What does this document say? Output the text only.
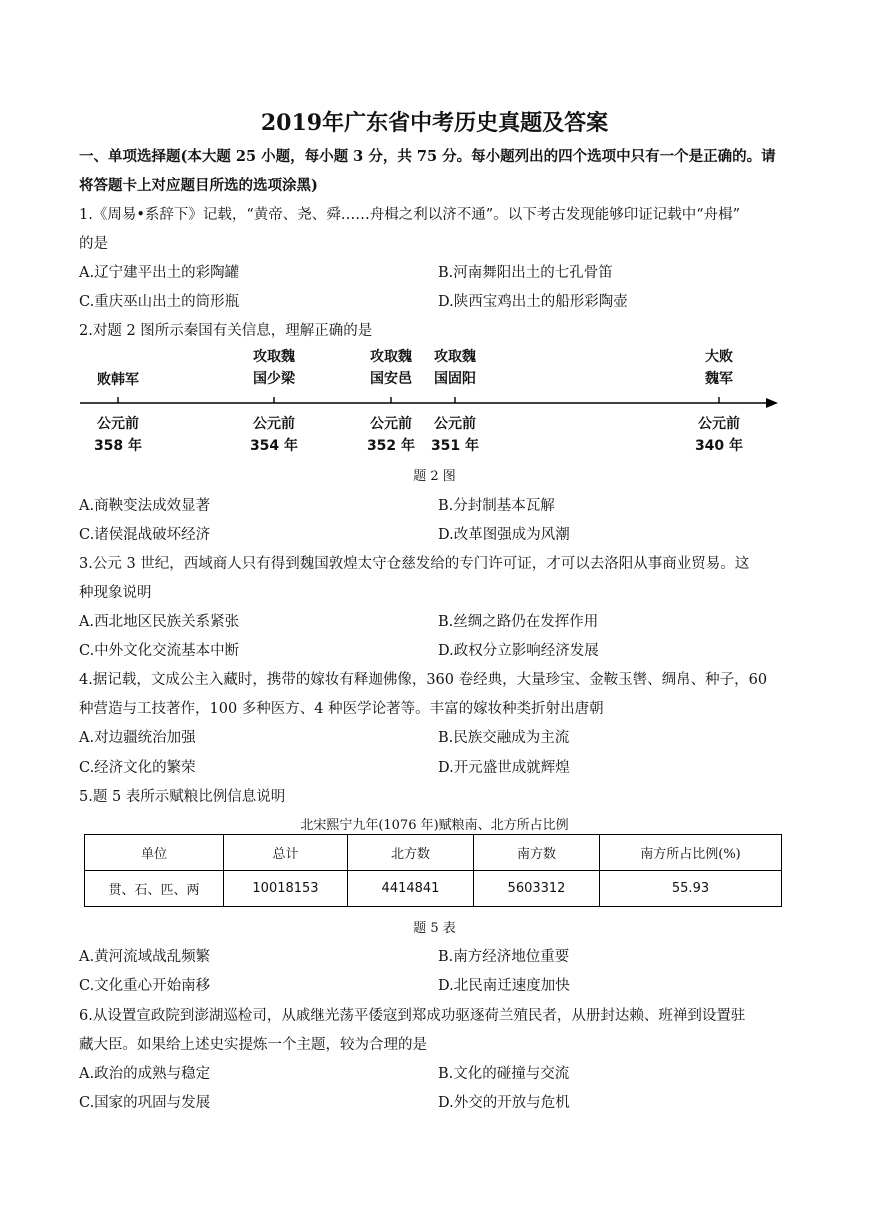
2019年广东省中考历史真题及答案
一、单项选择题(本大题 25 小题，每小题 3 分，共 75 分。每小题列出的四个选项中只有一个是正确的。请
将答题卡上对应题目所选的选项涂黑)
1.《周易•系辞下》记载，“黄帝、尧、舜……舟楫之利以济不通”。以下考古发现能够印证记载中“舟楫”
的是
A.辽宁建平出土的彩陶罐	B.河南舞阳出土的七孔骨笛
C.重庆巫山出土的筒形瓶	D.陕西宝鸡出土的船形彩陶壶
2.对题 2 图所示秦国有关信息，理解正确的是
败韩军
攻取魏
国少梁
攻取魏
国安邑
攻取魏
国固阳
大败
魏军
公元前
358 年
公元前
354 年
公元前
352 年
公元前
351 年
公元前
340 年
题 2 图
A.商鞅变法成效显著	B.分封制基本瓦解
C.诸侯混战破坏经济	D.改革图强成为风潮
3.公元 3 世纪，西域商人只有得到魏国敦煌太守仓慈发给的专门许可证，才可以去洛阳从事商业贸易。这
种现象说明
A.西北地区民族关系紧张	B.丝绸之路仍在发挥作用
C.中外文化交流基本中断	D.政权分立影响经济发展
4.据记载，文成公主入藏时，携带的嫁妆有释迦佛像，360 卷经典，大量珍宝、金鞍玉辔、绸帛、种子，60
种营造与工技著作，100 多种医方、4 种医学论著等。丰富的嫁妆种类折射出唐朝
A.对边疆统治加强	B.民族交融成为主流
C.经济文化的繁荣	D.开元盛世成就辉煌
5.题 5 表所示赋粮比例信息说明
北宋熙宁九年(1076 年)赋粮南、北方所占比例
单位	总计	北方数	南方数	南方所占比例(%)
贯、石、匹、两	10018153	4414841	5603312	55.93
题 5 表
A.黄河流域战乱频繁	B.南方经济地位重要
C.文化重心开始南移	D.北民南迁速度加快
6.从设置宣政院到澎湖巡检司，从戚继光荡平倭寇到郑成功驱逐荷兰殖民者，从册封达赖、班禅到设置驻
藏大臣。如果给上述史实提炼一个主题，较为合理的是
A.政治的成熟与稳定	B.文化的碰撞与交流
C.国家的巩固与发展	D.外交的开放与危机
